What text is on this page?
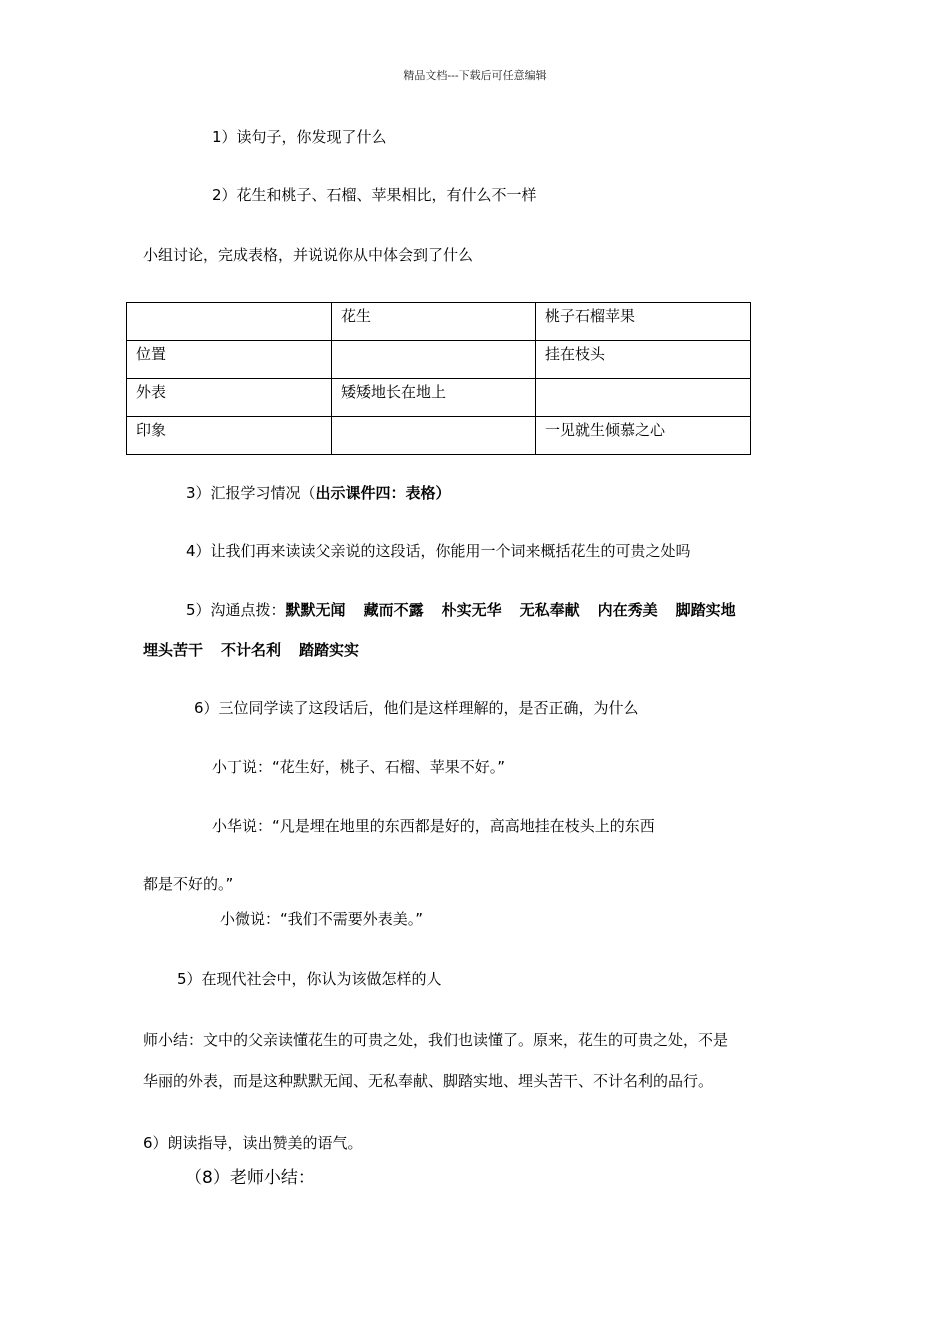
精品文档---下载后可任意编辑

1）读句子，你发现了什么

2）花生和桃子、石榴、苹果相比，有什么不一样

小组讨论，完成表格，并说说你从中体会到了什么

	花生	桃子石榴苹果
位置		挂在枝头
外表	矮矮地长在地上	
印象		一见就生倾慕之心

3）汇报学习情况（出示课件四：表格）

4）让我们再来读读父亲说的这段话，你能用一个词来概括花生的可贵之处吗

5）沟通点拨：默默无闻 藏而不露 朴实无华 无私奉献 内在秀美 脚踏实地

埋头苦干 不计名利 踏踏实实

6）三位同学读了这段话后，他们是这样理解的，是否正确，为什么

小丁说：“花生好，桃子、石榴、苹果不好。”

小华说：“凡是埋在地里的东西都是好的，高高地挂在枝头上的东西

都是不好的。”

小微说：“我们不需要外表美。”

5）在现代社会中，你认为该做怎样的人

师小结：文中的父亲读懂花生的可贵之处，我们也读懂了。原来，花生的可贵之处，不是

华丽的外表，而是这种默默无闻、无私奉献、脚踏实地、埋头苦干、不计名利的品行。

6）朗读指导，读出赞美的语气。

（8）老师小结：
